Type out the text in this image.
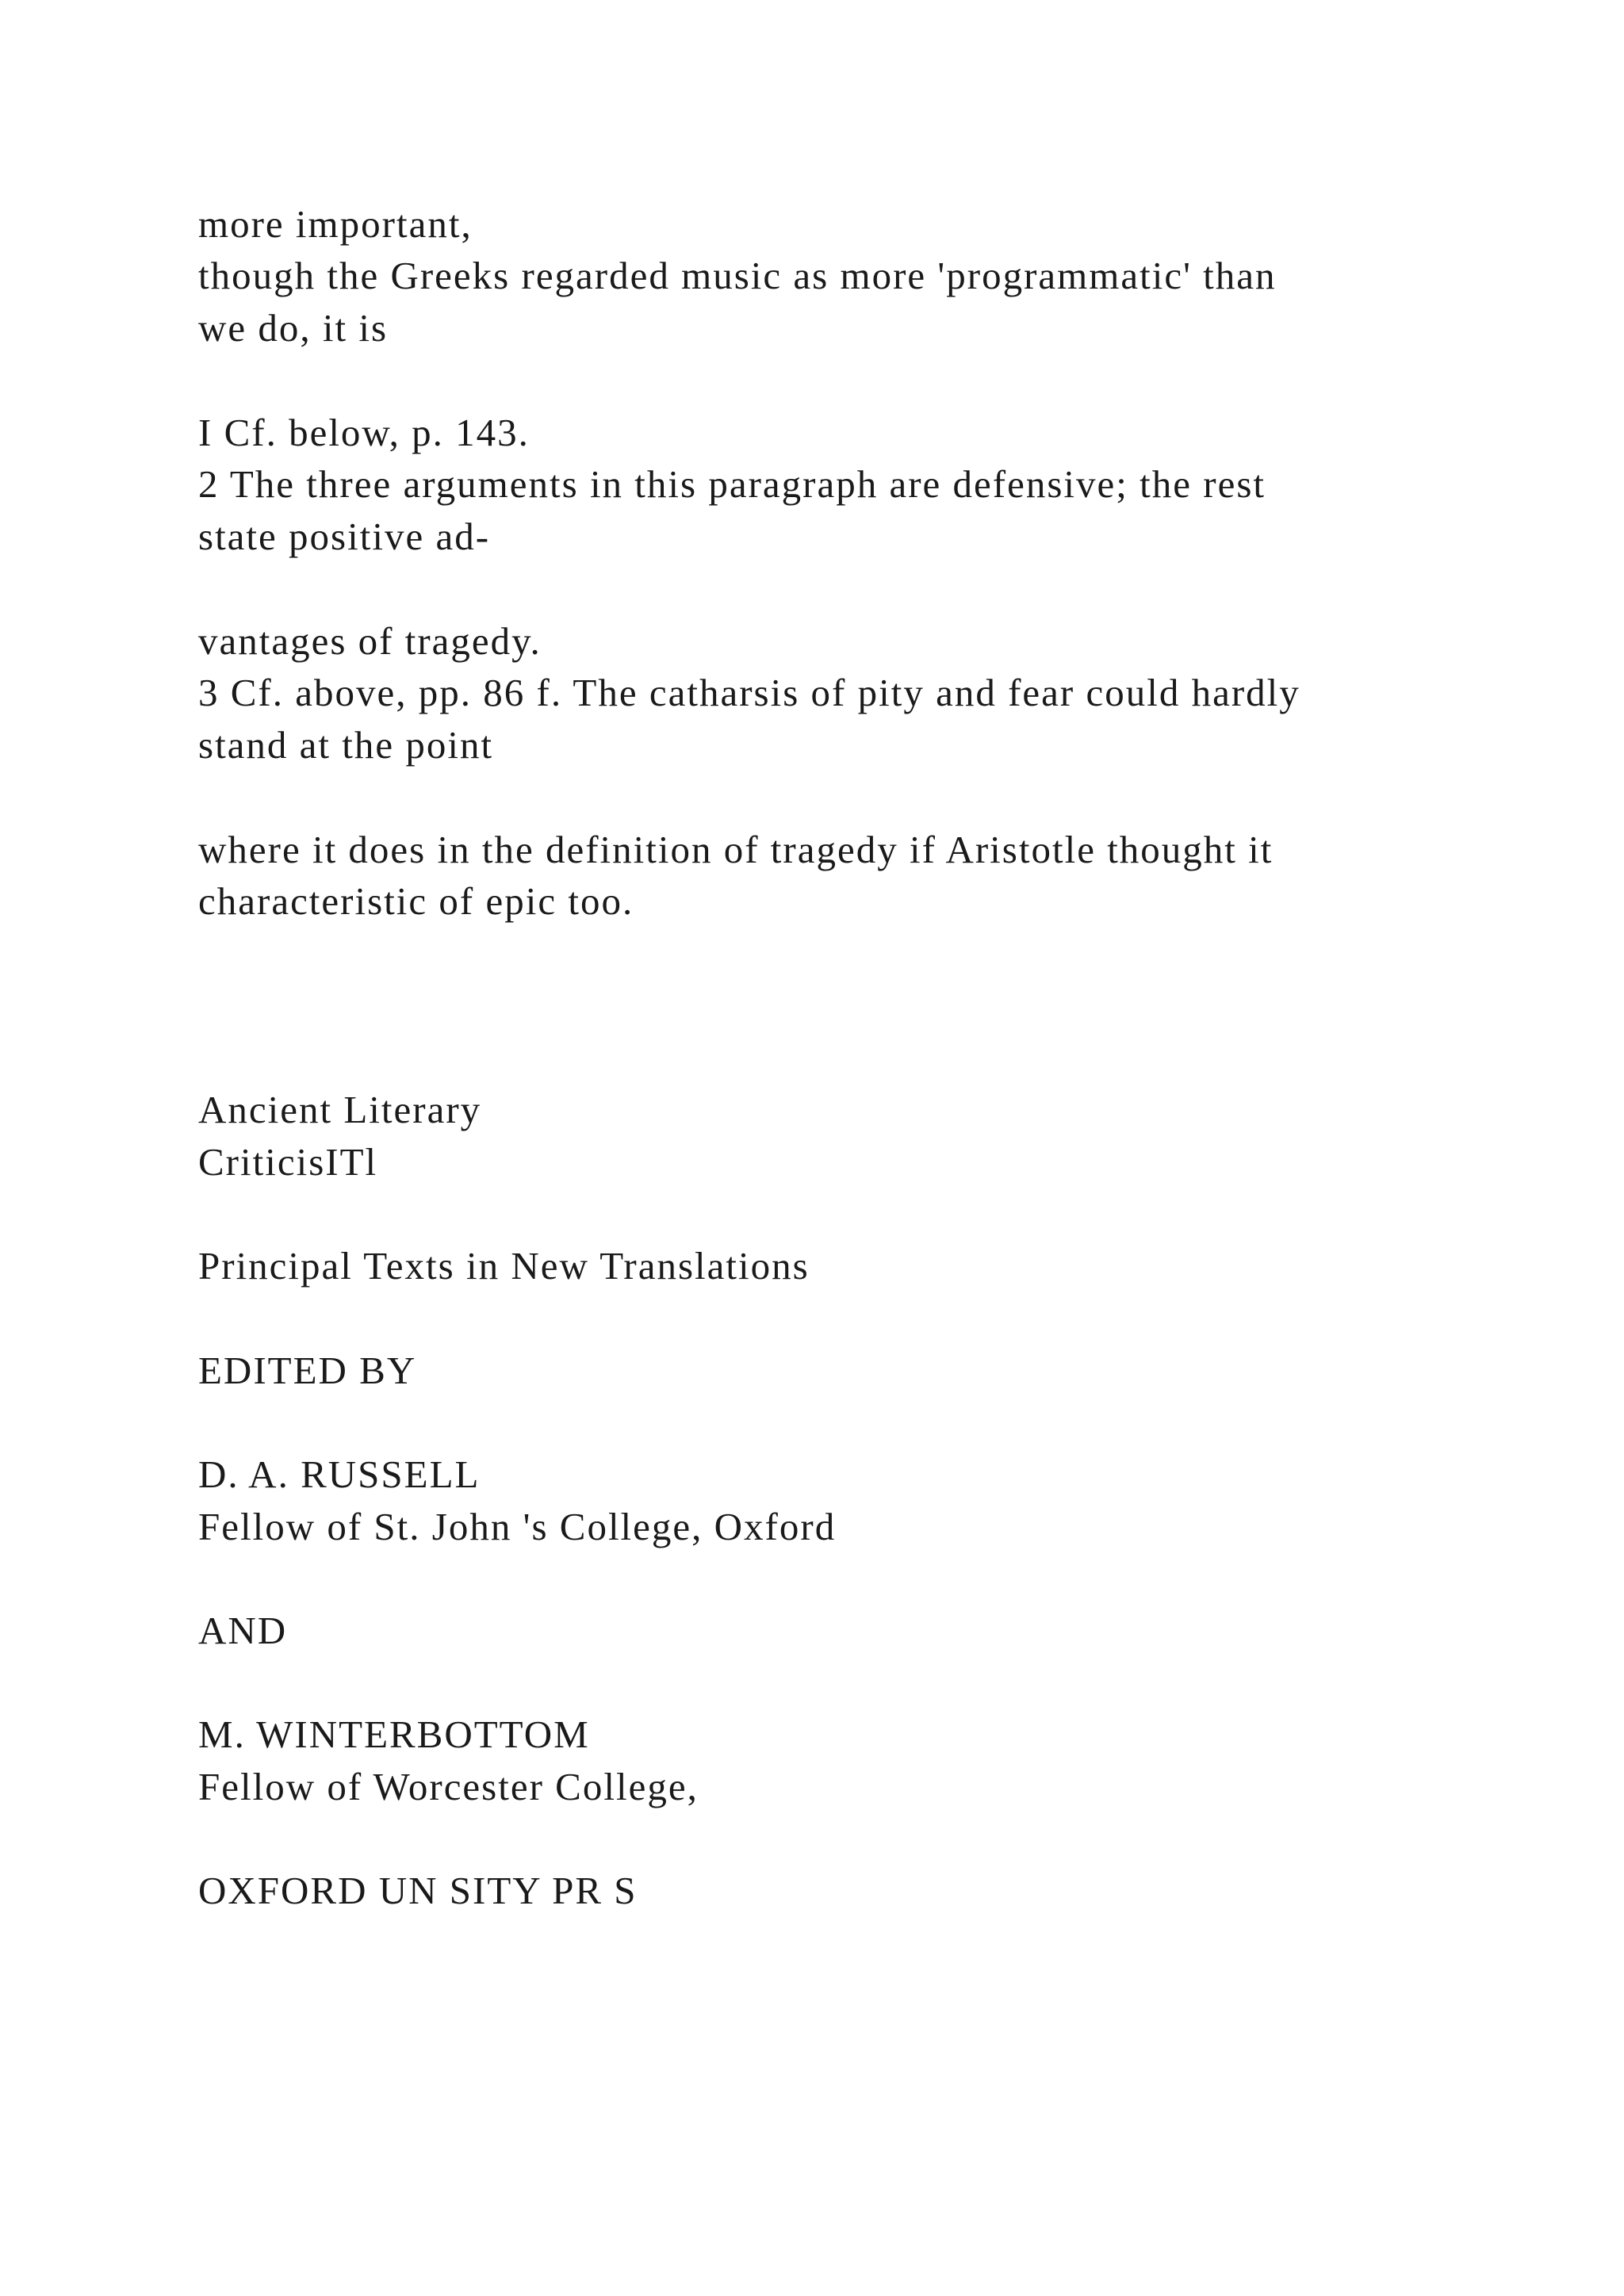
more important,

though the Greeks regarded music as more 'programmatic' than

we do, it is

I Cf. below, p. 143.

2 The three arguments in this paragraph are defensive; the rest

state positive ad-

vantages of tragedy.

3 Cf. above, pp. 86 f. The catharsis of pity and fear could hardly

stand at the point

where it does in the definition of tragedy if Aristotle thought it

characteristic of epic too.

Ancient Literary

CriticisITl

Principal Texts in New Translations

EDITED BY

D. A. RUSSELL

Fellow of St. John 's College, Oxford

AND

M. WINTERBOTTOM

Fellow of Worcester College,

OXFORD UN SITY PR S
